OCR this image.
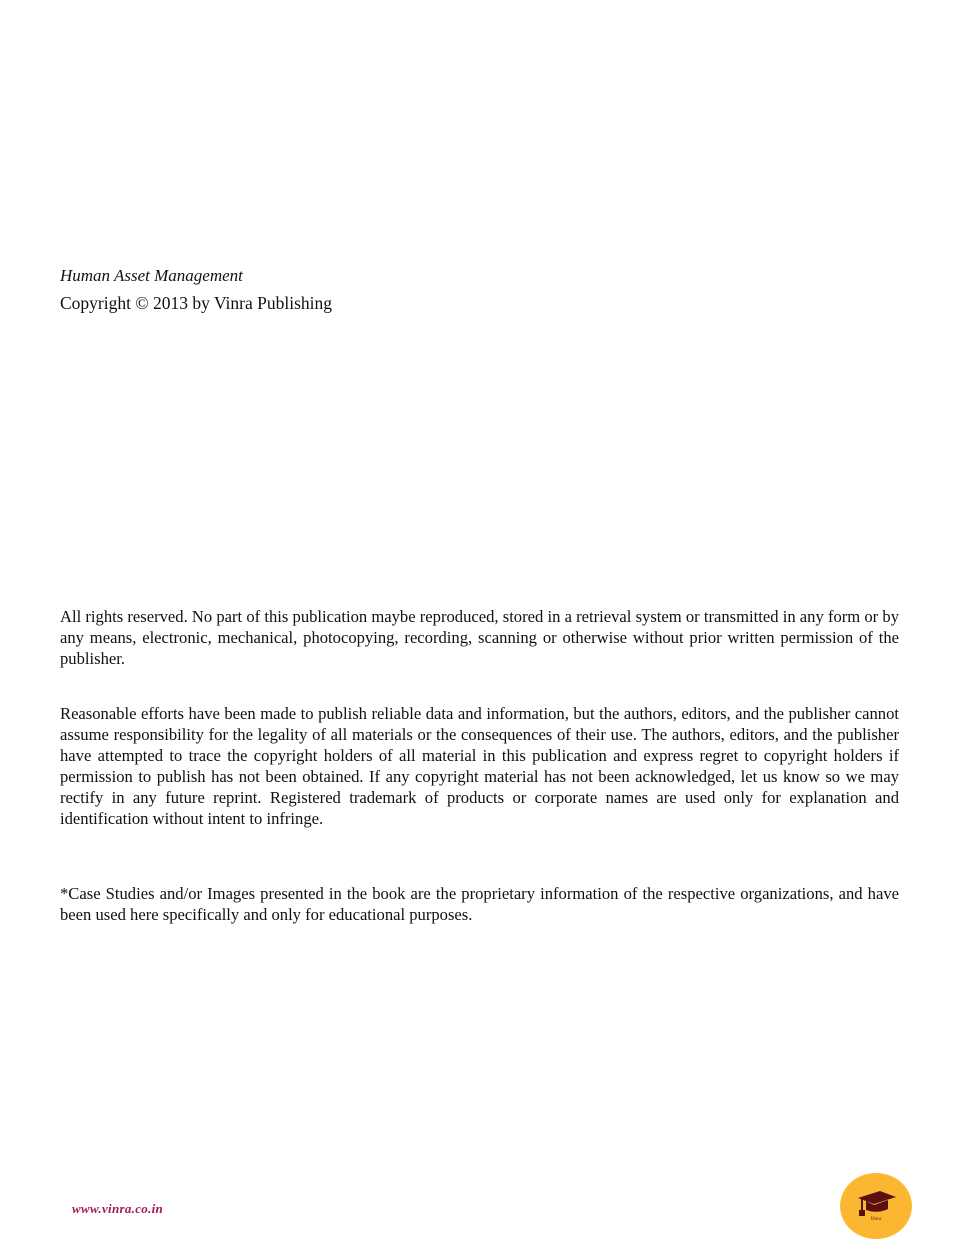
Human Asset Management

Copyright © 2013 by Vinra Publishing

All rights reserved. No part of this publication maybe reproduced, stored in a retrieval system or transmitted in any form or by any means, electronic, mechanical, photocopying, recording, scanning or otherwise without prior written permission of the publisher.

Reasonable efforts have been made to publish reliable data and information, but the authors, editors, and the publisher cannot assume responsibility for the legality of all materials or the consequences of their use. The authors, editors, and the publisher have attempted to trace the copyright holders of all material in this publication and express regret to copyright holders if permission to publish has not been obtained. If any copyright material has not been acknowledged, let us know so we may rectify in any future reprint. Registered trademark of products or corporate names are used only for explanation and identification without intent to infringe.

*Case Studies and/or Images presented in the book are the proprietary information of the respective organizations, and have been used here specifically and only for educational purposes.

www.vinra.co.in
Vinra
